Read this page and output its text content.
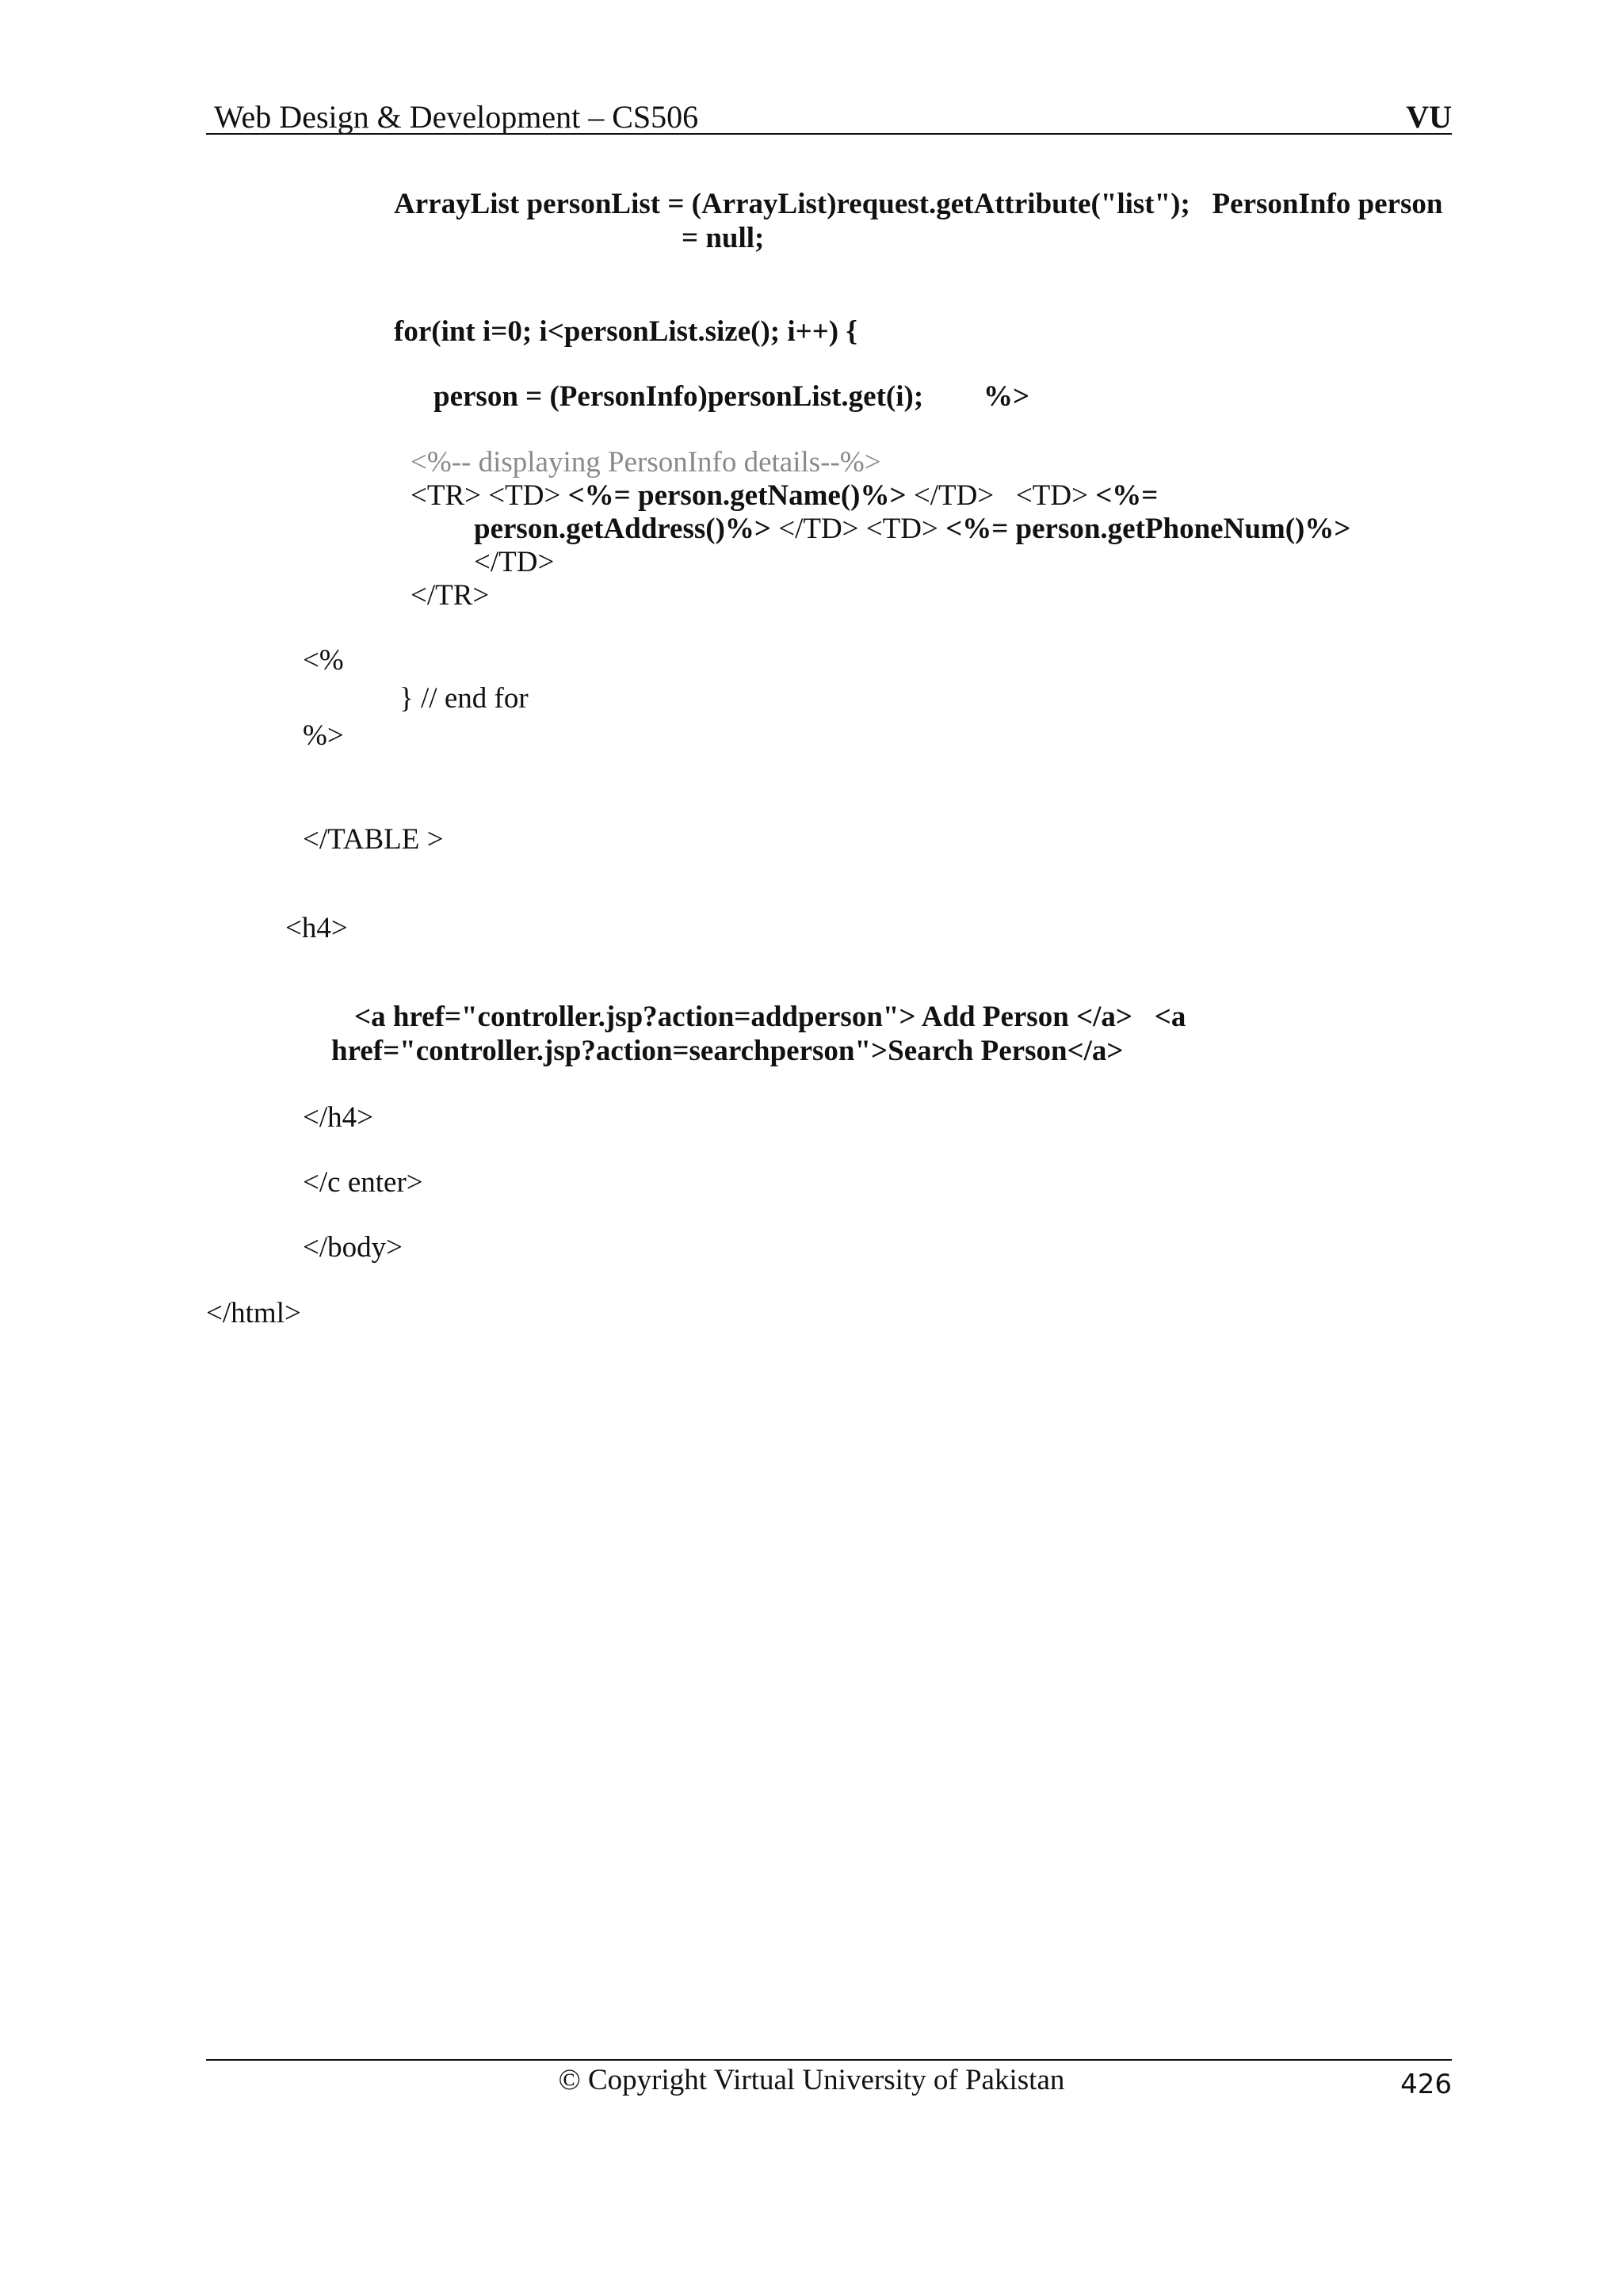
Web Design & Development – CS506	VU
ArrayList personList = (ArrayList)request.getAttribute("list");   PersonInfo person
= null;
for(int i=0; i<personList.size(); i++) {
person = (PersonInfo)personList.get(i); %>
<%-- displaying PersonInfo details--%>
<TR> <TD> <%= person.getName()%> </TD>   <TD> <%=
person.getAddress()%> </TD> <TD> <%= person.getPhoneNum()%>
</TD>
</TR>
<%
} // end for
%>
</TABLE >
<h4>
<a href="controller.jsp?action=addperson"> Add Person </a>   <a
href="controller.jsp?action=searchperson">Search Person</a>
</h4>
</c enter>
</body>
</html>
© Copyright Virtual University of Pakistan	426
